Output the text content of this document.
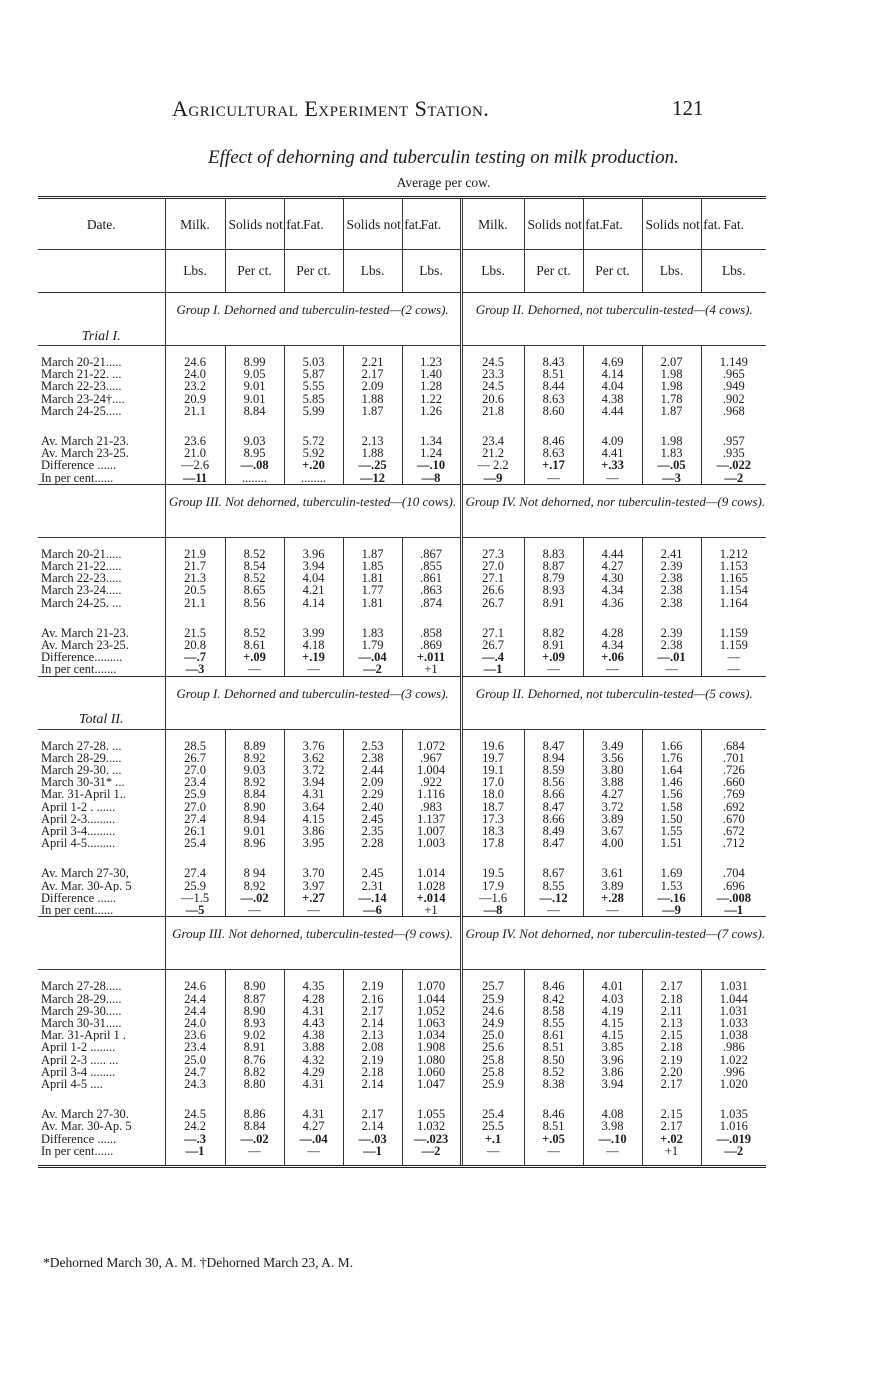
Agricultural Experiment Station.	121
Effect of dehorning and tuberculin testing on milk production.
Average per cow.
Date.	Milk.	Solids not fat.	Fat.	Solids not fat.	Fat.	Milk.	Solids not fat.	Fat.	Solids not fat.	Fat.
	Lbs.	Per ct.	Per ct.	Lbs.	Lbs.	Lbs.	Per ct.	Per ct.	Lbs.	Lbs.
Trial I.	Group I. Dehorned and tuberculin-tested—(2 cows).					Group II. Dehorned, not tuberculin-tested—(4 cows).				
March 20-21.....	24.6	8.99	5.03	2.21	1.23	24.5	8.43	4.69	2.07	1.149
March 21-22. ...	24.0	9.05	5.87	2.17	1.40	23.3	8.51	4.14	1.98	.965
March 22-23.....	23.2	9.01	5.55	2.09	1.28	24.5	8.44	4.04	1.98	.949
March 23-24†....	20.9	9.01	5.85	1.88	1.22	20.6	8.63	4.38	1.78	.902
March 24-25.....	21.1	8.84	5.99	1.87	1.26	21.8	8.60	4.44	1.87	.968
Av. March 21-23.	23.6	9.03	5.72	2.13	1.34	23.4	8.46	4.09	1.98	.957
Av. March 23-25.	21.0	8.95	5.92	1.88	1.24	21.2	8.63	4.41	1.83	.935
Difference ......	—2.6	—.08	+.20	—.25	—.10	— 2.2	+.17	+.33	—.05	—.022
In per cent......	—11	........	........	—12	—8	—9	—	—	—3	—2
	Group III. Not dehorned, tuberculin-tested—(10 cows).					Group IV. Not dehorned, nor tuberculin-tested—(9 cows).				
March 20-21.....	21.9	8.52	3.96	1.87	.867	27.3	8.83	4.44	2.41	1.212
March 21-22.....	21.7	8.54	3.94	1.85	.855	27.0	8.87	4.27	2.39	1.153
March 22-23.....	21.3	8.52	4.04	1.81	.861	27.1	8.79	4.30	2.38	1.165
March 23-24.....	20.5	8.65	4.21	1.77	.863	26.6	8.93	4.34	2.38	1.154
March 24-25. ...	21.1	8.56	4.14	1.81	.874	26.7	8.91	4.36	2.38	1.164
Av. March 21-23.	21.5	8.52	3.99	1.83	.858	27.1	8.82	4.28	2.39	1.159
Av. March 23-25.	20.8	8.61	4.18	1.79	.869	26.7	8.91	4.34	2.38	1.159
Difference.........	—.7	+.09	+.19	—.04	+.011	—.4	+.09	+.06	—.01	—
In per cent.......	—3	—	—	—2	+1	—1	—	—	—	—
Total II.	Group I. Dehorned and tuberculin-tested—(3 cows).					Group II. Dehorned, not tuberculin-tested—(5 cows).				
March 27-28. ...	28.5	8.89	3.76	2.53	1.072	19.6	8.47	3.49	1.66	.684
March 28-29.....	26.7	8.92	3.62	2.38	.967	19.7	8.94	3.56	1.76	.701
March 29-30. ...	27.0	9.03	3.72	2.44	1.004	19.1	8.59	3.80	1.64	.726
March 30-31* ...	23.4	8.92	3.94	2.09	.922	17.0	8.56	3.88	1.46	.660
Mar. 31-April 1..	25.9	8.84	4.31	2.29	1.116	18.0	8.66	4.27	1.56	.769
April 1-2 . ......	27.0	8.90	3.64	2.40	.983	18.7	8.47	3.72	1.58	.692
April 2-3.........	27.4	8.94	4.15	2.45	1.137	17.3	8.66	3.89	1.50	.670
April 3-4.........	26.1	9.01	3.86	2.35	1.007	18.3	8.49	3.67	1.55	.672
April 4-5.........	25.4	8.96	3.95	2.28	1.003	17.8	8.47	4.00	1.51	.712
Av. March 27-30,	27.4	8 94	3.70	2.45	1.014	19.5	8.67	3.61	1.69	.704
Av. Mar. 30-Ap. 5	25.9	8.92	3.97	2.31	1.028	17.9	8.55	3.89	1.53	.696
Difference ......	—1.5	—.02	+.27	—.14	+.014	—1.6	—.12	+.28	—.16	—.008
In per cent......	—5	—	—	—6	+1	—8	—	—	—9	—1
	Group III. Not dehorned, tuberculin-tested—(9 cows).					Group IV. Not dehorned, nor tuberculin-tested—(7 cows).				
March 27-28.....	24.6	8.90	4.35	2.19	1.070	25.7	8.46	4.01	2.17	1.031
March 28-29.....	24.4	8.87	4.28	2.16	1.044	25.9	8.42	4.03	2.18	1.044
March 29-30.....	24.4	8.90	4.31	2.17	1.052	24.6	8.58	4.19	2.11	1.031
March 30-31.....	24.0	8.93	4.43	2.14	1.063	24.9	8.55	4.15	2.13	1.033
Mar. 31-April 1 .	23.6	9.02	4.38	2.13	1.034	25.0	8.61	4.15	2.15	1.038
April 1-2 ........	23.4	8.91	3.88	2.08	1.908	25.6	8.51	3.85	2.18	.986
April 2-3 ..... ...	25.0	8.76	4.32	2.19	1.080	25.8	8.50	3.96	2.19	1.022
April 3-4 ........	24.7	8.82	4.29	2.18	1.060	25.8	8.52	3.86	2.20	.996
April 4-5 ....	24.3	8.80	4.31	2.14	1.047	25.9	8.38	3.94	2.17	1.020
Av. March 27-30.	24.5	8.86	4.31	2.17	1.055	25.4	8.46	4.08	2.15	1.035
Av. Mar. 30-Ap. 5	24.2	8.84	4.27	2.14	1.032	25.5	8.51	3.98	2.17	1.016
Difference ......	—.3	—.02	—.04	—.03	—.023	+.1	+.05	—.10	+.02	—.019
In per cent......	—1	—	—	—1	—2	—	—	—	+1	—2
*Dehorned March 30, A. M. †Dehorned March 23, A. M.
